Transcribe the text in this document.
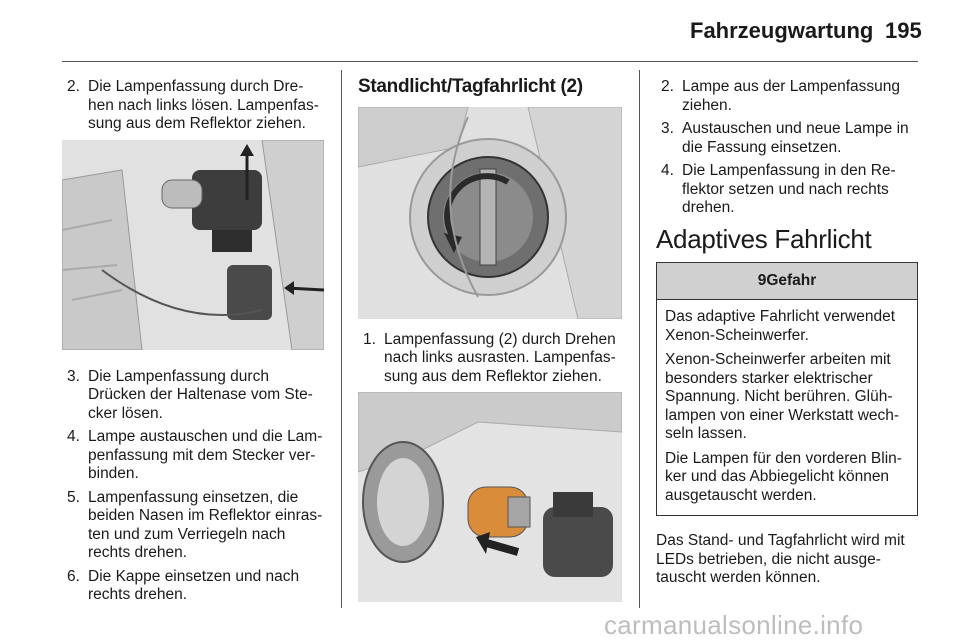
Fahrzeugwartung 195
2. Die Lampenfassung durch Dre-hen nach links lösen. Lampenfas-sung aus dem Reflektor ziehen.
3. Die Lampenfassung durch Drücken der Haltenase vom Ste-cker lösen.
4. Lampe austauschen und die Lam-penfassung mit dem Stecker ver-binden.
5. Lampenfassung einsetzen, die beiden Nasen im Reflektor einras-ten und zum Verriegeln nach rechts drehen.
6. Die Kappe einsetzen und nach rechts drehen.
Standlicht/Tagfahrlicht (2)
1. Lampenfassung (2) durch Drehen nach links ausrasten. Lampenfas-sung aus dem Reflektor ziehen.
2. Lampe aus der Lampenfassung ziehen.
3. Austauschen und neue Lampe in die Fassung einsetzen.
4. Die Lampenfassung in den Re-flektor setzen und nach rechts drehen.
Adaptives Fahrlicht
9Gefahr

Das adaptive Fahrlicht verwendet Xenon-Scheinwerfer.

Xenon-Scheinwerfer arbeiten mit besonders starker elektrischer Spannung. Nicht berühren. Glüh-lampen von einer Werkstatt wech-seln lassen.

Die Lampen für den vorderen Blin-ker und das Abbiegelicht können ausgetauscht werden.

Das Stand- und Tagfahrlicht wird mit LEDs betrieben, die nicht ausge-tauscht werden können.

carmanualsonline.info
